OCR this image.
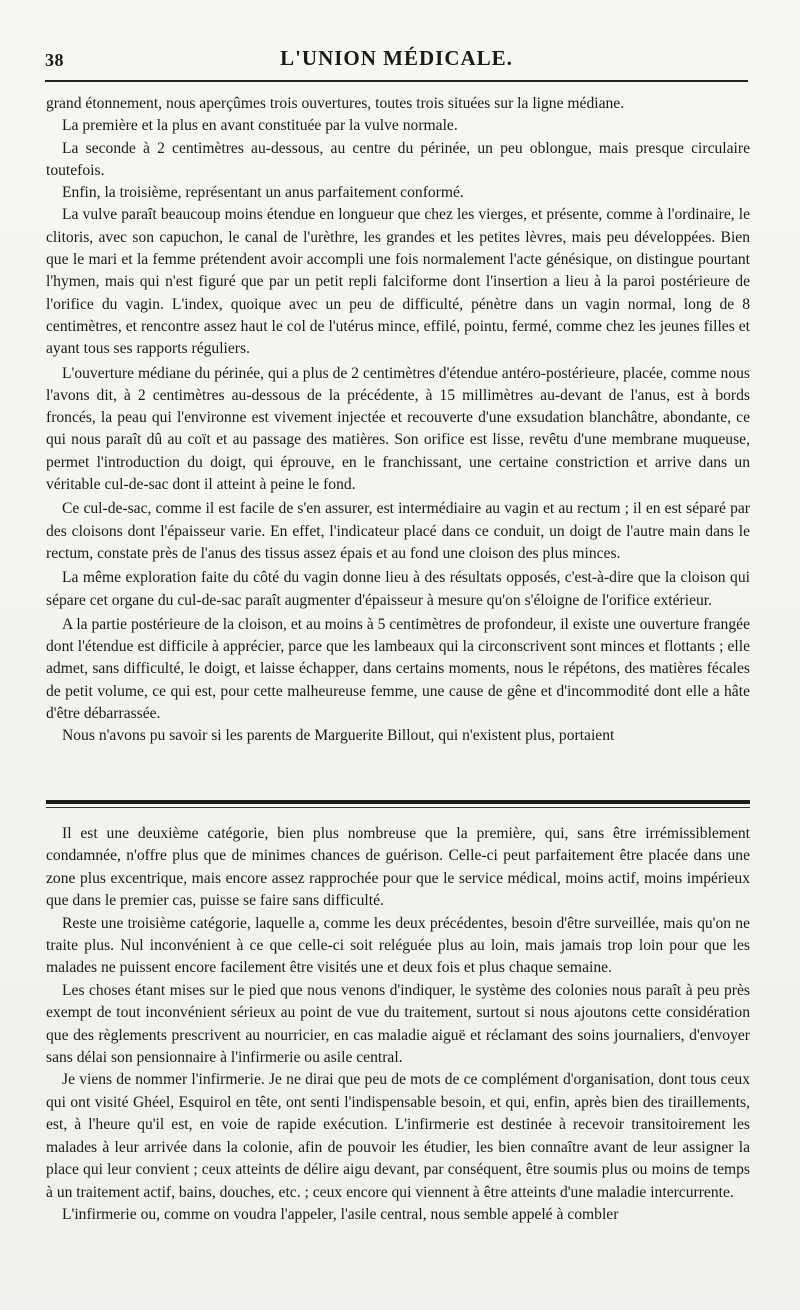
38	L'UNION MÉDICALE.

grand étonnement, nous aperçûmes trois ouvertures, toutes trois situées sur la ligne médiane.

La première et la plus en avant constituée par la vulve normale.

La seconde à 2 centimètres au-dessous, au centre du périnée, un peu oblongue, mais presque circulaire toutefois.

Enfin, la troisième, représentant un anus parfaitement conformé.

La vulve paraît beaucoup moins étendue en longueur que chez les vierges, et présente, comme à l'ordinaire, le clitoris, avec son capuchon, le canal de l'urèthre, les grandes et les petites lèvres, mais peu développées. Bien que le mari et la femme prétendent avoir accompli une fois normalement l'acte génésique, on distingue pourtant l'hymen, mais qui n'est figuré que par un petit repli falciforme dont l'insertion a lieu à la paroi postérieure de l'orifice du vagin. L'index, quoique avec un peu de difficulté, pénètre dans un vagin normal, long de 8 centimètres, et rencontre assez haut le col de l'utérus mince, effilé, pointu, fermé, comme chez les jeunes filles et ayant tous ses rapports réguliers.

L'ouverture médiane du périnée, qui a plus de 2 centimètres d'étendue antéro-postérieure, placée, comme nous l'avons dit, à 2 centimètres au-dessous de la précédente, à 15 millimètres au-devant de l'anus, est à bords froncés, la peau qui l'environne est vivement injectée et recouverte d'une exsudation blanchâtre, abondante, ce qui nous paraît dû au coït et au passage des matières. Son orifice est lisse, revêtu d'une membrane muqueuse, permet l'introduction du doigt, qui éprouve, en le franchissant, une certaine constriction et arrive dans un véritable cul-de-sac dont il atteint à peine le fond.

Ce cul-de-sac, comme il est facile de s'en assurer, est intermédiaire au vagin et au rectum ; il en est séparé par des cloisons dont l'épaisseur varie. En effet, l'indicateur placé dans ce conduit, un doigt de l'autre main dans le rectum, constate près de l'anus des tissus assez épais et au fond une cloison des plus minces.

La même exploration faite du côté du vagin donne lieu à des résultats opposés, c'est-à-dire que la cloison qui sépare cet organe du cul-de-sac paraît augmenter d'épaisseur à mesure qu'on s'éloigne de l'orifice extérieur.

A la partie postérieure de la cloison, et au moins à 5 centimètres de profondeur, il existe une ouverture frangée dont l'étendue est difficile à apprécier, parce que les lambeaux qui la circonscrivent sont minces et flottants ; elle admet, sans difficulté, le doigt, et laisse échapper, dans certains moments, nous le répétons, des matières fécales de petit volume, ce qui est, pour cette malheureuse femme, une cause de gêne et d'incommodité dont elle a hâte d'être débarrassée.

Nous n'avons pu savoir si les parents de Marguerite Billout, qui n'existent plus, portaient

Il est une deuxième catégorie, bien plus nombreuse que la première, qui, sans être irrémissiblement condamnée, n'offre plus que de minimes chances de guérison. Celle-ci peut parfaitement être placée dans une zone plus excentrique, mais encore assez rapprochée pour que le service médical, moins actif, moins impérieux que dans le premier cas, puisse se faire sans difficulté.

Reste une troisième catégorie, laquelle a, comme les deux précédentes, besoin d'être surveillée, mais qu'on ne traite plus. Nul inconvénient à ce que celle-ci soit reléguée plus au loin, mais jamais trop loin pour que les malades ne puissent encore facilement être visités une et deux fois et plus chaque semaine.

Les choses étant mises sur le pied que nous venons d'indiquer, le système des colonies nous paraît à peu près exempt de tout inconvénient sérieux au point de vue du traitement, surtout si nous ajoutons cette considération que des règlements prescrivent au nourricier, en cas maladie aiguë et réclamant des soins journaliers, d'envoyer sans délai son pensionnaire à l'infirmerie ou asile central.

Je viens de nommer l'infirmerie. Je ne dirai que peu de mots de ce complément d'organisation, dont tous ceux qui ont visité Ghéel, Esquirol en tête, ont senti l'indispensable besoin, et qui, enfin, après bien des tiraillements, est, à l'heure qu'il est, en voie de rapide exécution. L'infirmerie est destinée à recevoir transitoirement les malades à leur arrivée dans la colonie, afin de pouvoir les étudier, les bien connaître avant de leur assigner la place qui leur convient ; ceux atteints de délire aigu devant, par conséquent, être soumis plus ou moins de temps à un traitement actif, bains, douches, etc. ; ceux encore qui viennent à être atteints d'une maladie intercurrente.

L'infirmerie ou, comme on voudra l'appeler, l'asile central, nous semble appelé à combler
